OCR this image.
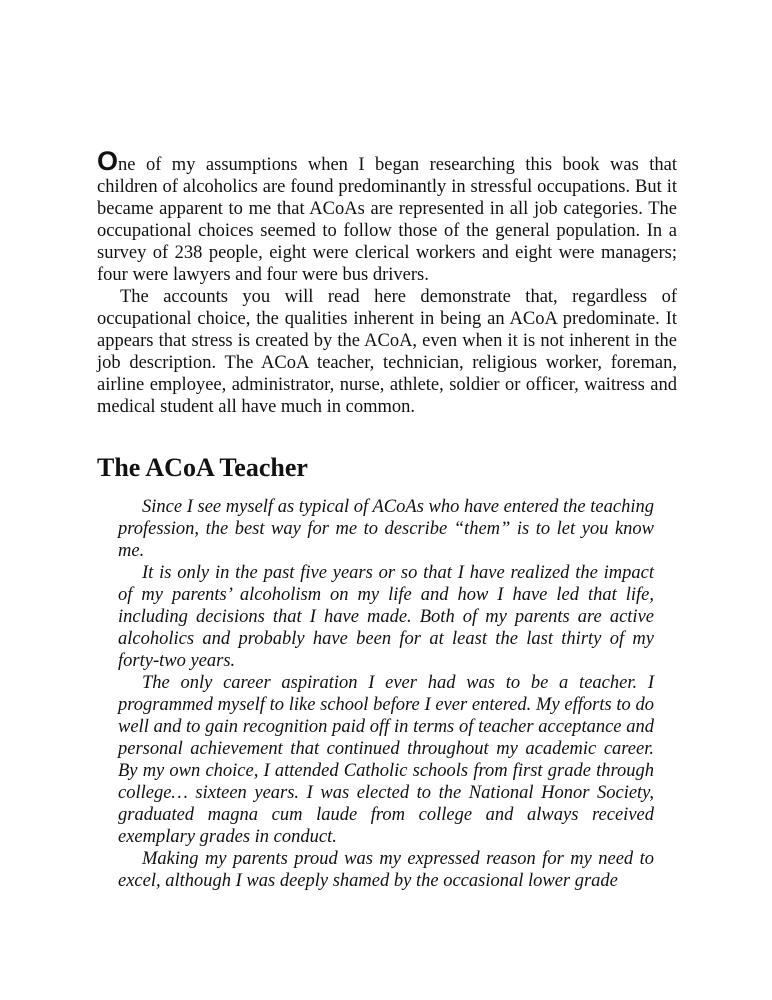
One of my assumptions when I began researching this book was that children of alcoholics are found predominantly in stressful occupations. But it became apparent to me that ACoAs are represented in all job categories. The occupational choices seemed to follow those of the general population. In a survey of 238 people, eight were clerical workers and eight were managers; four were lawyers and four were bus drivers.

The accounts you will read here demonstrate that, regardless of occupational choice, the qualities inherent in being an ACoA predominate. It appears that stress is created by the ACoA, even when it is not inherent in the job description. The ACoA teacher, technician, religious worker, foreman, airline employee, administrator, nurse, athlete, soldier or officer, waitress and medical student all have much in common.

The ACoA Teacher

Since I see myself as typical of ACoAs who have entered the teaching profession, the best way for me to describe “them” is to let you know me.

It is only in the past five years or so that I have realized the impact of my parents’ alcoholism on my life and how I have led that life, including decisions that I have made. Both of my parents are active alcoholics and probably have been for at least the last thirty of my forty-two years.

The only career aspiration I ever had was to be a teacher. I programmed myself to like school before I ever entered. My efforts to do well and to gain recognition paid off in terms of teacher acceptance and personal achievement that continued throughout my academic career. By my own choice, I attended Catholic schools from first grade through college… sixteen years. I was elected to the National Honor Society, graduated magna cum laude from college and always received exemplary grades in conduct.

Making my parents proud was my expressed reason for my need to excel, although I was deeply shamed by the occasional lower grade
